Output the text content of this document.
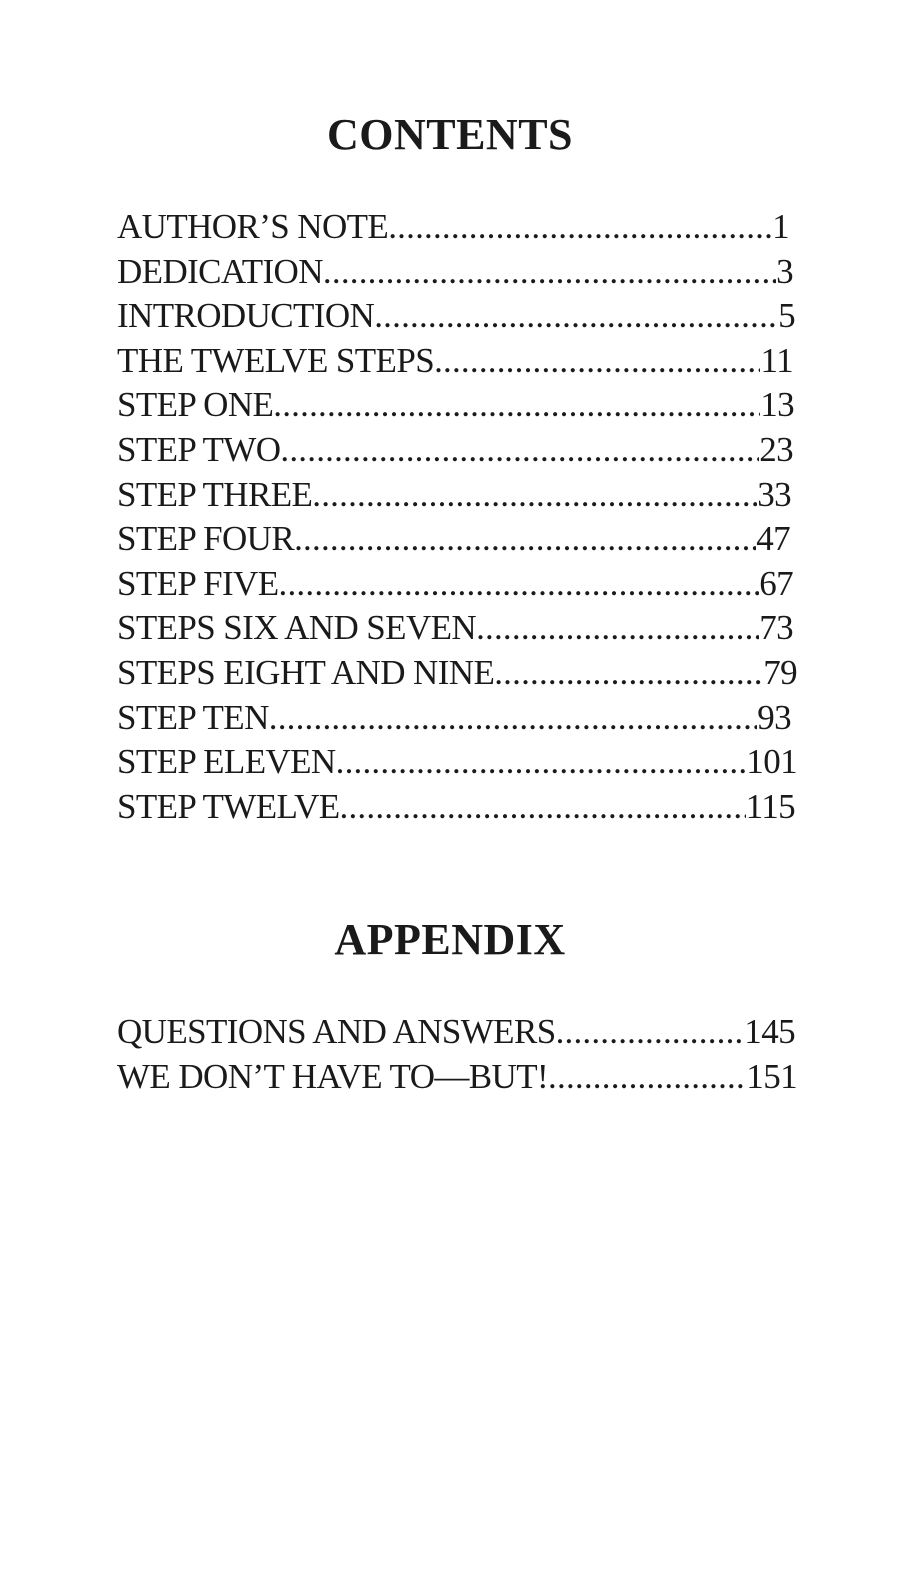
CONTENTS
AUTHOR’S NOTE .....	1
DEDICATION .....	3
INTRODUCTION .....	5
THE TWELVE STEPS .....	11
STEP ONE .....	13
STEP TWO .....	23
STEP THREE .....	33
STEP FOUR .....	47
STEP FIVE .....	67
STEPS SIX AND SEVEN .....	73
STEPS EIGHT AND NINE .....	79
STEP TEN .....	93
STEP ELEVEN .....	101
STEP TWELVE .....	115
APPENDIX
QUESTIONS AND ANSWERS .....	145
WE DON’T HAVE TO—BUT! .....	151
